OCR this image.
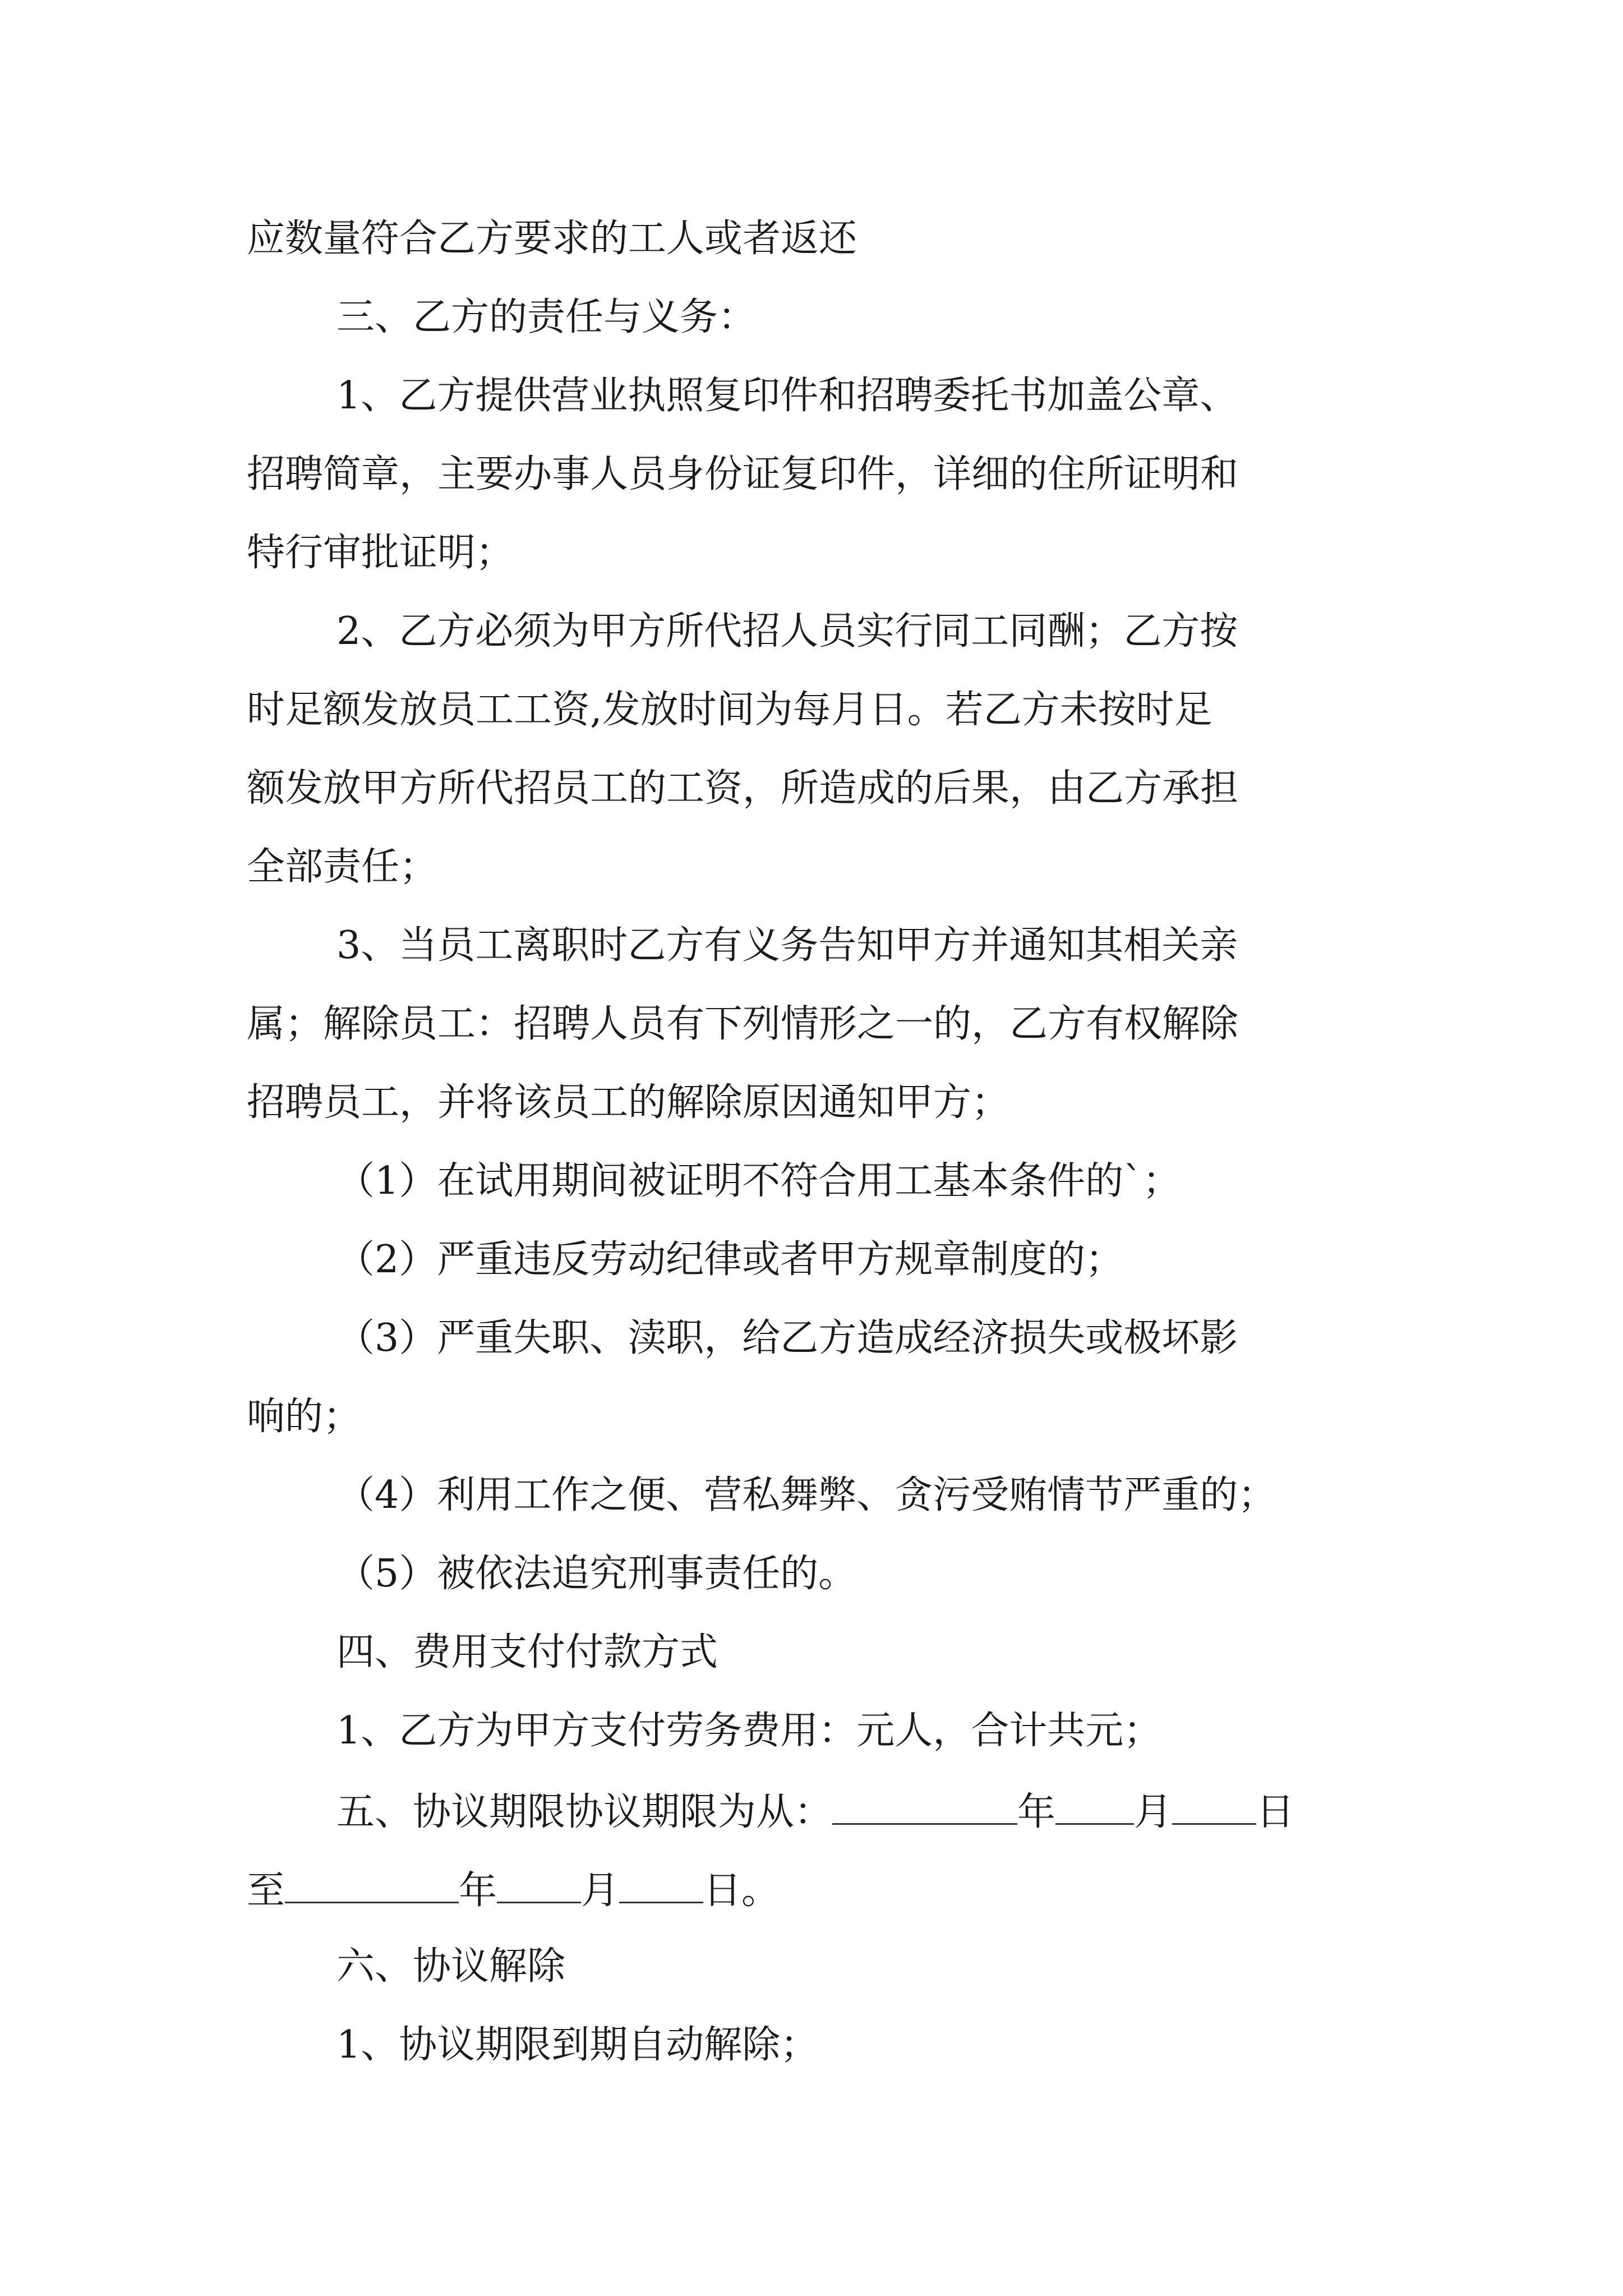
应数量符合乙方要求的工人或者返还
三、乙方的责任与义务：
1、乙方提供营业执照复印件和招聘委托书加盖公章、
招聘简章，主要办事人员身份证复印件，详细的住所证明和
特行审批证明；
2、乙方必须为甲方所代招人员实行同工同酬；乙方按
时足额发放员工工资,发放时间为每月日。若乙方未按时足
额发放甲方所代招员工的工资，所造成的后果，由乙方承担
全部责任；
3、当员工离职时乙方有义务告知甲方并通知其相关亲
属；解除员工：招聘人员有下列情形之一的，乙方有权解除
招聘员工，并将该员工的解除原因通知甲方；
（1）在试用期间被证明不符合用工基本条件的`；
（2）严重违反劳动纪律或者甲方规章制度的；
（3）严重失职、渎职，给乙方造成经济损失或极坏影
响的；
（4）利用工作之便、营私舞弊、贪污受贿情节严重的；
（5）被依法追究刑事责任的。
四、费用支付付款方式
1、乙方为甲方支付劳务费用：元人，合计共元；
五、协议期限协议期限为从：	年 月 日
至	年 月 日。
六、协议解除
1、协议期限到期自动解除；
